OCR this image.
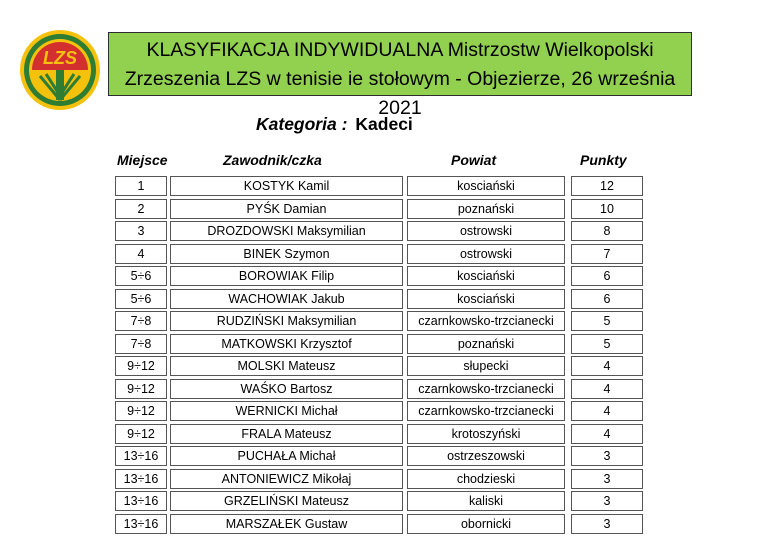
LZS	KLASYFIKACJA INDYWIDUALNA Mistrzostw Wielkopolski
Zrzeszenia LZS w tenisie ie stołowym - Objezierze, 26 września
2021
Kategoria : Kadeci
Miejsce	Zawodnik/czka	Powiat	Punkty
1	KOSTYK Kamil	kosciański	12
2	PYŚK Damian	poznański	10
3	DROZDOWSKI Maksymilian	ostrowski	8
4	BINEK Szymon	ostrowski	7
5÷6	BOROWIAK Filip	kosciański	6
5÷6	WACHOWIAK Jakub	kosciański	6
7÷8	RUDZIŃSKI Maksymilian	czarnkowsko-trzcianecki	5
7÷8	MATKOWSKI Krzysztof	poznański	5
9÷12	MOLSKI Mateusz	słupecki	4
9÷12	WAŚKO Bartosz	czarnkowsko-trzcianecki	4
9÷12	WERNICKI Michał	czarnkowsko-trzcianecki	4
9÷12	FRALA Mateusz	krotoszyński	4
13÷16	PUCHAŁA Michał	ostrzeszowski	3
13÷16	ANTONIEWICZ Mikołaj	chodzieski	3
13÷16	GRZELIŃSKI Mateusz	kaliski	3
13÷16	MARSZAŁEK Gustaw	obornicki	3
